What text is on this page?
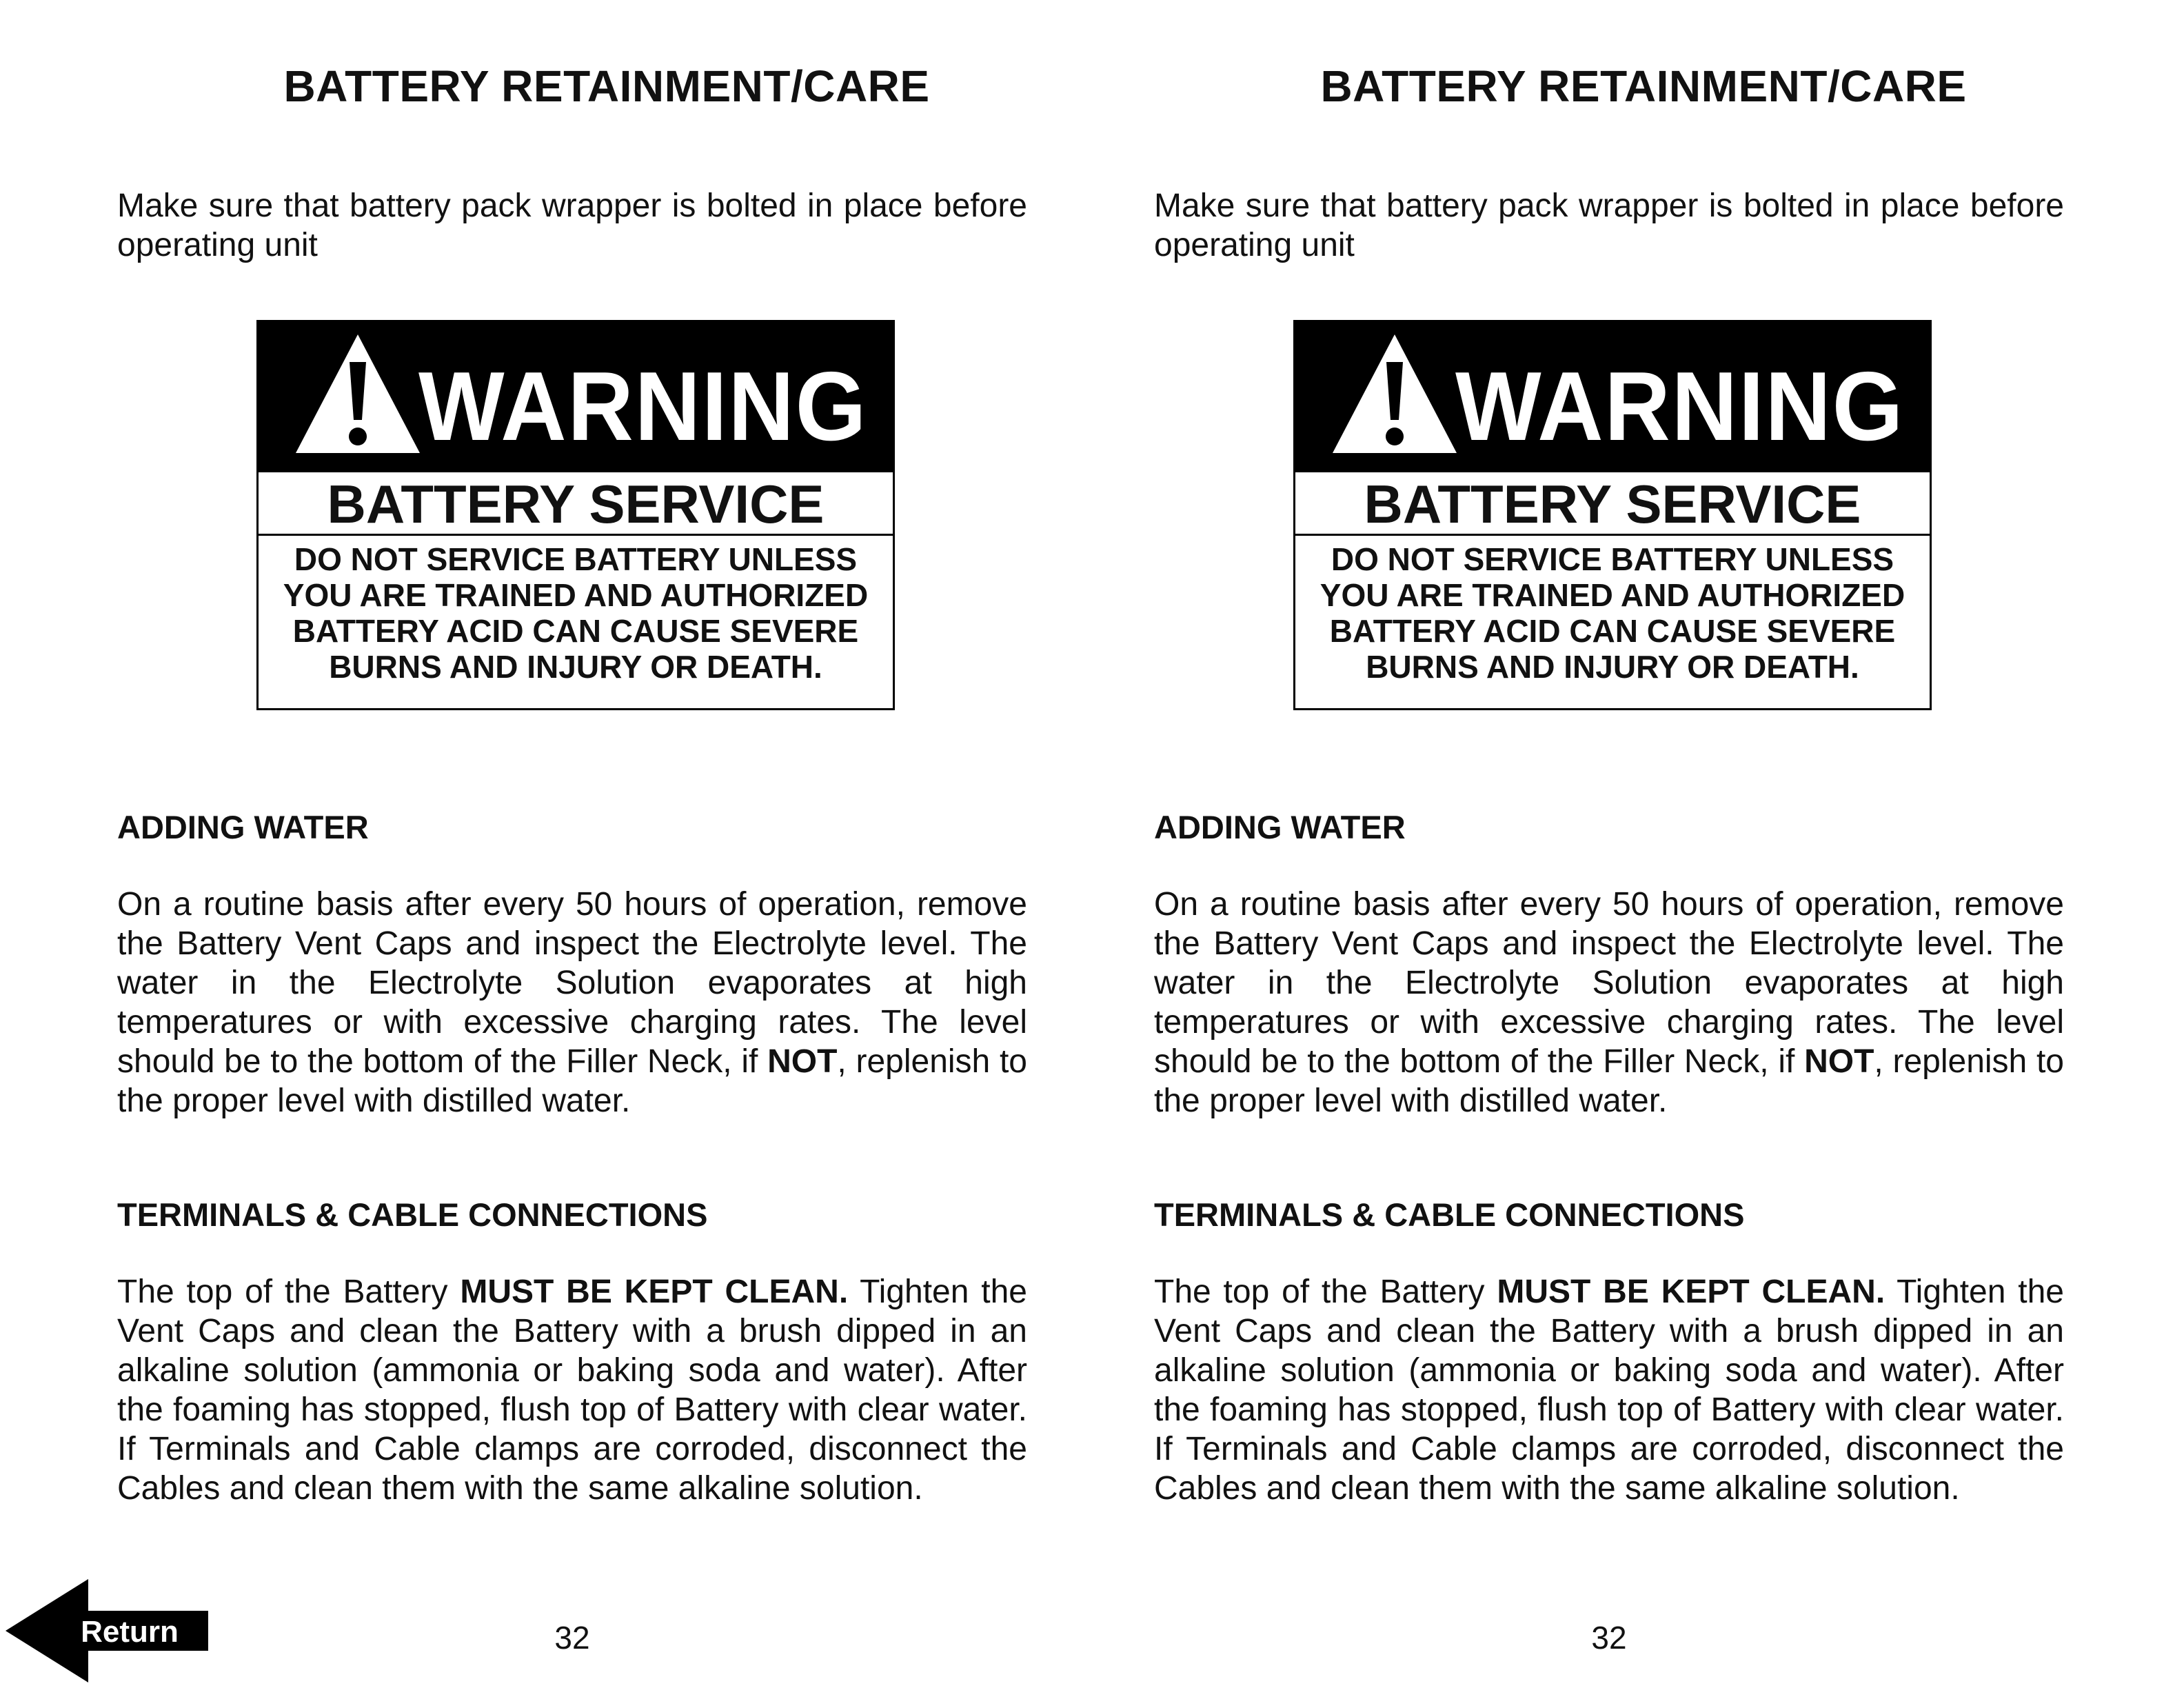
BATTERY RETAINMENT/CARE

Make sure that battery pack wrapper is bolted in place before operating unit

WARNING
BATTERY SERVICE
DO NOT SERVICE BATTERY UNLESS
YOU ARE TRAINED AND AUTHORIZED
BATTERY ACID CAN CAUSE SEVERE
BURNS AND INJURY OR DEATH.
ADDING WATER

On a routine basis after every 50 hours of operation, remove the Battery Vent Caps and inspect the Electrolyte level. The water in the Electrolyte Solution evaporates at high temperatures or with excessive charging rates. The level should be to the bottom of the Filler Neck, if NOT, replenish to the proper level with distilled water.

TERMINALS & CABLE CONNECTIONS

The top of the Battery MUST BE KEPT CLEAN. Tighten the Vent Caps and clean the Battery with a brush dipped in an alkaline solution (ammonia or baking soda and water). After the foaming has stopped, flush top of Battery with clear water. If Terminals and Cable clamps are corroded, disconnect the Cables and clean them with the same alkaline solution.

32
BATTERY RETAINMENT/CARE

Make sure that battery pack wrapper is bolted in place before operating unit

WARNING
BATTERY SERVICE
DO NOT SERVICE BATTERY UNLESS
YOU ARE TRAINED AND AUTHORIZED
BATTERY ACID CAN CAUSE SEVERE
BURNS AND INJURY OR DEATH.
ADDING WATER

On a routine basis after every 50 hours of operation, remove the Battery Vent Caps and inspect the Electrolyte level. The water in the Electrolyte Solution evaporates at high temperatures or with excessive charging rates. The level should be to the bottom of the Filler Neck, if NOT, replenish to the proper level with distilled water.

TERMINALS & CABLE CONNECTIONS

The top of the Battery MUST BE KEPT CLEAN. Tighten the Vent Caps and clean the Battery with a brush dipped in an alkaline solution (ammonia or baking soda and water). After the foaming has stopped, flush top of Battery with clear water. If Terminals and Cable clamps are corroded, disconnect the Cables and clean them with the same alkaline solution.

32
Return
